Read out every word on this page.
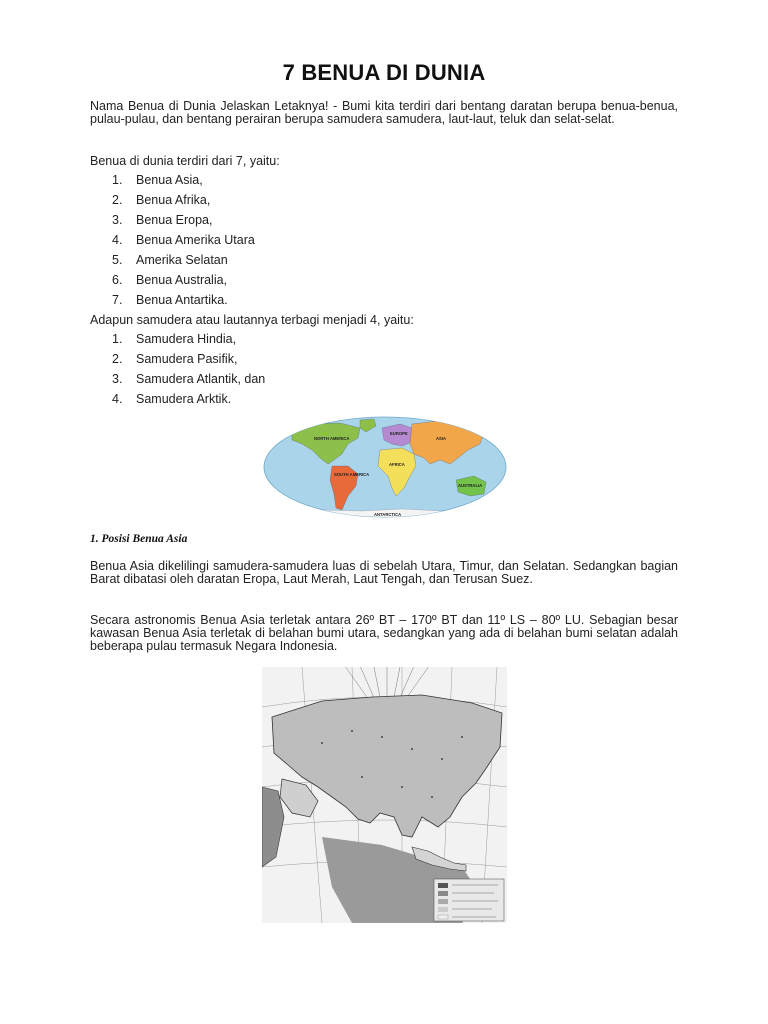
7 BENUA DI DUNIA

Nama Benua di Dunia Jelaskan Letaknya! - Bumi kita terdiri dari bentang daratan berupa benua-benua, pulau-pulau, dan bentang perairan berupa samudera samudera, laut-laut, teluk dan selat-selat.

Benua di dunia terdiri dari 7, yaitu:

1. Benua Asia,
2. Benua Afrika,
3. Benua Eropa,
4. Benua Amerika Utara
5. Amerika Selatan
6. Benua Australia,
7. Benua Antartika.

Adapun samudera atau lautannya terbagi menjadi 4, yaitu:

1. Samudera Hindia,
2. Samudera Pasifik,
3. Samudera Atlantik, dan
4. Samudera Arktik.
NORTH AMERICA
SOUTH AMERICA
EUROPE
ASIA
AFRICA
AUSTRALIA
ANTARCTICA
1. Posisi Benua Asia

Benua Asia dikelilingi samudera-samudera luas di sebelah Utara, Timur, dan Selatan. Sedangkan bagian Barat dibatasi oleh daratan Eropa, Laut Merah, Laut Tengah, dan Terusan Suez.

Secara astronomis Benua Asia terletak antara 26º BT – 170º BT dan 11º LS – 80º LU. Sebagian besar kawasan Benua Asia terletak di belahan bumi utara, sedangkan yang ada di belahan bumi selatan adalah beberapa pulau termasuk Negara Indonesia.
